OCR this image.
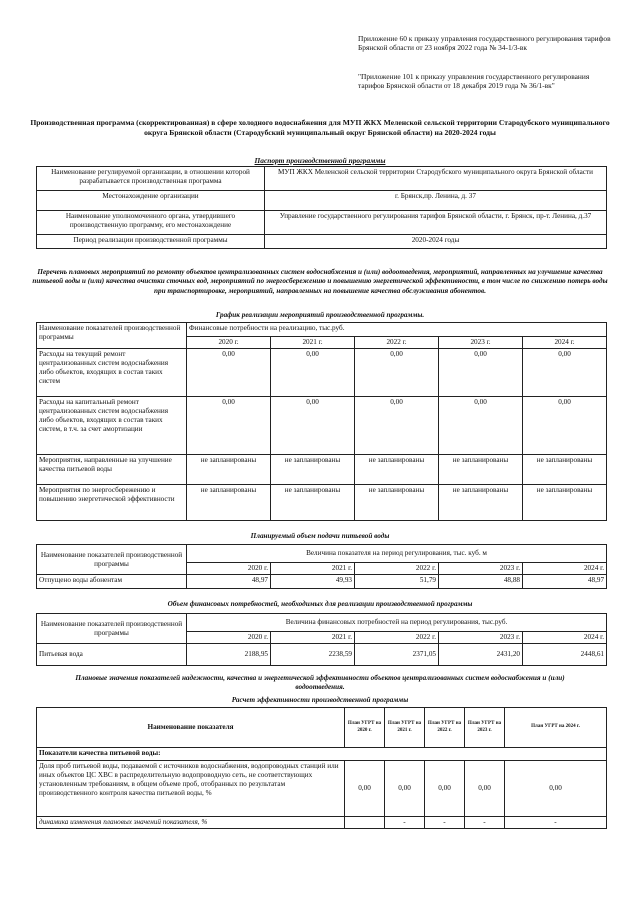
Приложение 60 к приказу управления государственного регулирования тарифов Брянской области от 23 ноября 2022 года № 34-1/3-вк
"Приложение 101 к приказу управления государственного регулирования тарифов Брянской области от 18 декабря 2019 года № 36/1-вк"
Производственная программа (скорректированная) в сфере холодного водоснабжения для МУП ЖКХ Меленской сельской территории Стародубского муниципального округа Брянской области (Стародубский муниципальный округ Брянской области) на 2020-2024 годы
Паспорт производственной программы
Наименование регулируемой организации, в отношении которой разрабатывается производственная программа	МУП ЖКХ Меленской сельской территории Стародубского муниципального округа Брянской области
Местонахождение организации	г. Брянск,пр. Ленина, д. 37
Наименование уполномоченного органа, утвердившего производственную программу, его местонахождение	Управление государственного регулирования тарифов Брянской области, г. Брянск, пр-т. Ленина, д.37
Период реализации производственной программы	2020-2024 годы
Перечень плановых мероприятий по ремонту объектов централизованных систем водоснабжения и (или) водоотведения, мероприятий, направленных на улучшение качества питьевой воды и (или) качества очистки сточных вод, мероприятий по энергосбережению и повышению энергетической эффективности, в том числе по снижению потерь воды при транспортировке, мероприятий, направленных на повышение качества обслуживания абонентов.
График реализации мероприятий производственной программы.
Наименование показателей производственной программы	Финансовые потребности на реализацию, тыс.руб.				
	2020 г.	2021 г.	2022 г.	2023 г.	2024 г.
Расходы на текущий ремонт централизованных систем водоснабжения либо объектов, входящих в состав таких систем	0,00	0,00	0,00	0,00	0,00
Расходы на капитальный ремонт централизованных систем водоснабжения либо объектов, входящих в состав таких систем, в т.ч. за счет амортизации	0,00	0,00	0,00	0,00	0,00
Мероприятия, направленные на улучшение качества питьевой воды	не запланированы	не запланированы	не запланированы	не запланированы	не запланированы
Мероприятия по энергосбережению и повышению энергетической эффективности	не запланированы	не запланированы	не запланированы	не запланированы	не запланированы
Планируемый объем подачи питьевой воды
Наименование показателей производственной программы	Величина показателя на период регулирования, тыс. куб. м				
	2020 г.	2021 г.	2022 г.	2023 г.	2024 г.
Отпущено воды абонентам	48,97	49,93	51,79	48,88	48,97
Объем финансовых потребностей, необходимых для реализации производственной программы
Наименование показателей производственной программы	Величина финансовых потребностей на период регулирования, тыс.руб.				
	2020 г.	2021 г.	2022 г.	2023 г.	2024 г.
Питьевая вода	2188,95	2238,59	2371,05	2431,20	2448,61
Плановые значения показателей надежности, качества и энергетической эффективности объектов централизованных систем водоснабжения и (или) водоотведения.
Расчет эффективности производственной программы
Наименование показателя	План УГРТ на 2020 г.	План УГРТ на 2021 г.	План УГРТ на 2022 г.	План УГРТ на 2023 г.	План УГРТ на 2024 г.
Показатели качества питьевой воды:					
Доля проб питьевой воды, подаваемой с источников водоснабжения, водопроводных станций или иных объектов ЦС ХВС в распределительную водопроводную сеть, не соответствующих установленным требованиям, в общем объеме проб, отобранных по результатам производственного контроля качества питьевой воды, %	0,00	0,00	0,00	0,00	0,00
динамика изменения плановых значений показателя, %		-	-	-	-
